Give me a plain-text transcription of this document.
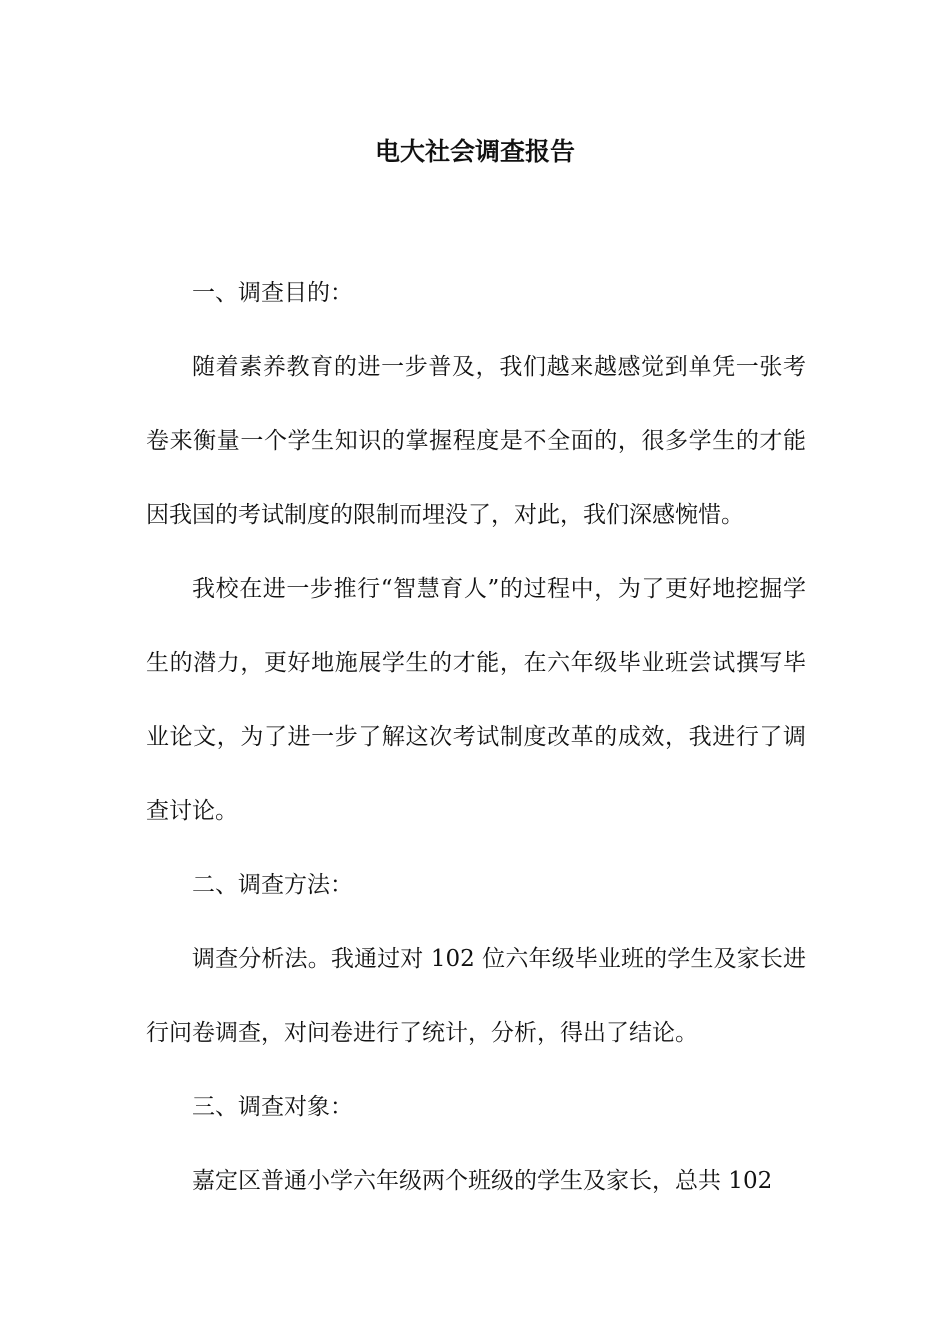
电大社会调查报告

一、调查目的：

随着素养教育的进一步普及，我们越来越感觉到单凭一张考卷来衡量一个学生知识的掌握程度是不全面的，很多学生的才能因我国的考试制度的限制而埋没了，对此，我们深感惋惜。

我校在进一步推行“智慧育人”的过程中，为了更好地挖掘学生的潜力，更好地施展学生的才能，在六年级毕业班尝试撰写毕业论文，为了进一步了解这次考试制度改革的成效，我进行了调查讨论。

二、调查方法：

调查分析法。我通过对 102 位六年级毕业班的学生及家长进行问卷调查，对问卷进行了统计，分析，得出了结论。

三、调查对象：

嘉定区普通小学六年级两个班级的学生及家长，总共 102
